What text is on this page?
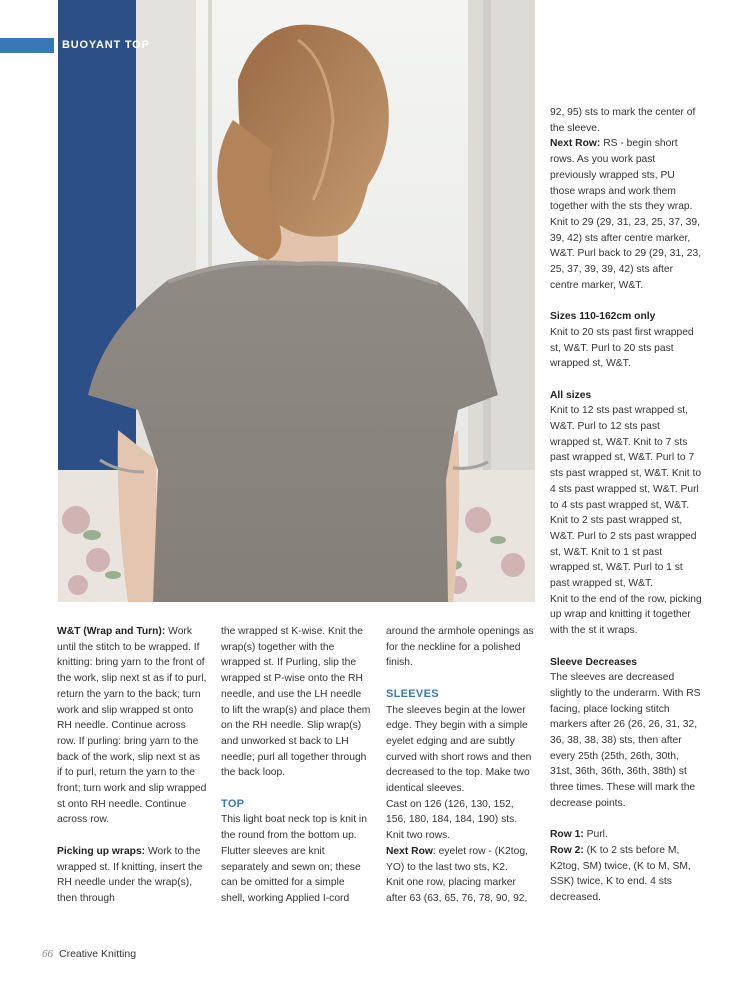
BUOYANT TOP

W&T (Wrap and Turn): Work until the stitch to be wrapped. If knitting: bring yarn to the front of the work, slip next st as if to purl, return the yarn to the back; turn work and slip wrapped st onto RH needle. Continue across row. If purling: bring yarn to the back of the work, slip next st as if to purl, return the yarn to the front; turn work and slip wrapped st onto RH needle. Continue across row.

Picking up wraps: Work to the wrapped st. If knitting, insert the RH needle under the wrap(s), then through

the wrapped st K-wise. Knit the wrap(s) together with the wrapped st. If Purling, slip the wrapped st P-wise onto the RH needle, and use the LH needle to lift the wrap(s) and place them on the RH needle. Slip wrap(s) and unworked st back to LH needle; purl all together through the back loop.

TOP

This light boat neck top is knit in the round from the bottom up. Flutter sleeves are knit separately and sewn on; these can be omitted for a simple shell, working Applied I-cord

around the armhole openings as for the neckline for a polished finish.

SLEEVES

The sleeves begin at the lower edge. They begin with a simple eyelet edging and are subtly curved with short rows and then decreased to the top. Make two identical sleeves.

Cast on 126 (126, 130, 152, 156, 180, 184, 184, 190) sts.

Knit two rows.

Next Row: eyelet row - (K2tog, YO) to the last two sts, K2.

Knit one row, placing marker after 63 (63, 65, 76, 78, 90, 92,

92, 95) sts to mark the center of the sleeve.

Next Row: RS - begin short rows. As you work past previously wrapped sts, PU those wraps and work them together with the sts they wrap.

Knit to 29 (29, 31, 23, 25, 37, 39, 39, 42) sts after centre marker, W&T. Purl back to 29 (29, 31, 23, 25, 37, 39, 39, 42) sts after centre marker, W&T.

Sizes 110-162cm only

Knit to 20 sts past first wrapped st, W&T. Purl to 20 sts past wrapped st, W&T.

All sizes

Knit to 12 sts past wrapped st, W&T. Purl to 12 sts past wrapped st, W&T. Knit to 7 sts past wrapped st, W&T. Purl to 7 sts past wrapped st, W&T. Knit to 4 sts past wrapped st, W&T. Purl to 4 sts past wrapped st, W&T. Knit to 2 sts past wrapped st, W&T. Purl to 2 sts past wrapped st, W&T. Knit to 1 st past wrapped st, W&T. Purl to 1 st past wrapped st, W&T.

Knit to the end of the row, picking up wrap and knitting it together with the st it wraps.

Sleeve Decreases

The sleeves are decreased slightly to the underarm. With RS facing, place locking stitch markers after 26 (26, 26, 31, 32, 36, 38, 38, 38) sts, then after every 25th (25th, 26th, 30th, 31st, 36th, 36th, 36th, 38th) st three times. These will mark the decrease points.

Row 1: Purl.

Row 2: (K to 2 sts before M, K2tog, SM) twice, (K to M, SM, SSK) twice, K to end. 4 sts decreased.

66 Creative Knitting
